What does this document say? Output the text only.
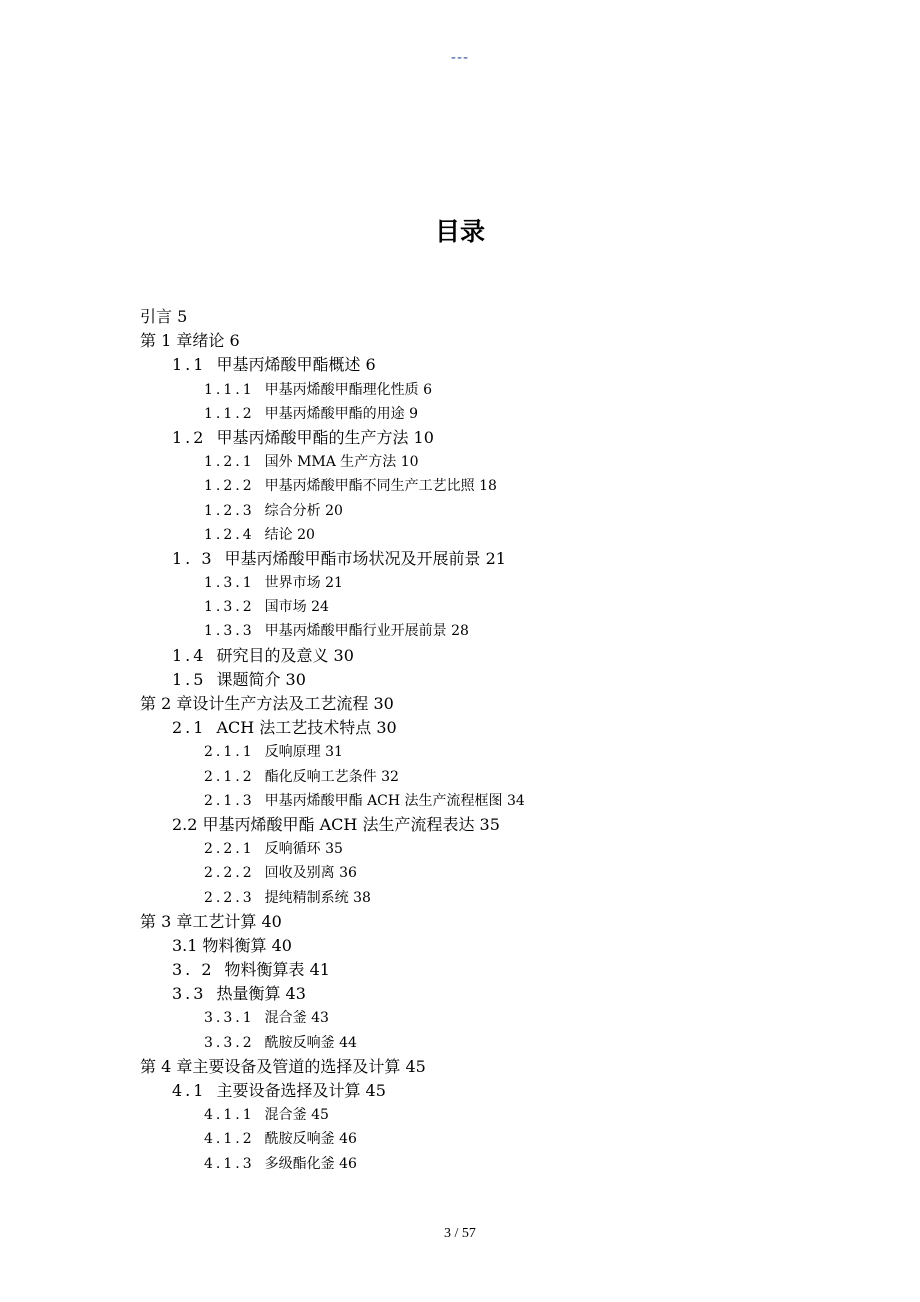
---
目录
引言 5
第 1 章绪论 6
1.1 甲基丙烯酸甲酯概述 6
1.1.1 甲基丙烯酸甲酯理化性质 6
1.1.2 甲基丙烯酸甲酯的用途 9
1.2 甲基丙烯酸甲酯的生产方法 10
1.2.1 国外 MMA 生产方法 10
1.2.2 甲基丙烯酸甲酯不同生产工艺比照 18
1.2.3 综合分析 20
1.2.4 结论 20
1. 3 甲基丙烯酸甲酯市场状况及开展前景 21
1.3.1 世界市场 21
1.3.2 国市场 24
1.3.3 甲基丙烯酸甲酯行业开展前景 28
1.4 研究目的及意义 30
1.5 课题简介 30
第 2 章设计生产方法及工艺流程 30
2.1 ACH 法工艺技术特点 30
2.1.1 反响原理 31
2.1.2 酯化反响工艺条件 32
2.1.3 甲基丙烯酸甲酯 ACH 法生产流程框图 34
2.2 甲基丙烯酸甲酯 ACH 法生产流程表达 35
2.2.1 反响循环 35
2.2.2 回收及别离 36
2.2.3 提纯精制系统 38
第 3 章工艺计算 40
3.1 物料衡算 40
3. 2 物料衡算表 41
3.3 热量衡算 43
3.3.1 混合釜 43
3.3.2 酰胺反响釜 44
第 4 章主要设备及管道的选择及计算 45
4.1 主要设备选择及计算 45
4.1.1 混合釜 45
4.1.2 酰胺反响釜 46
4.1.3 多级酯化釜 46
3 / 57
